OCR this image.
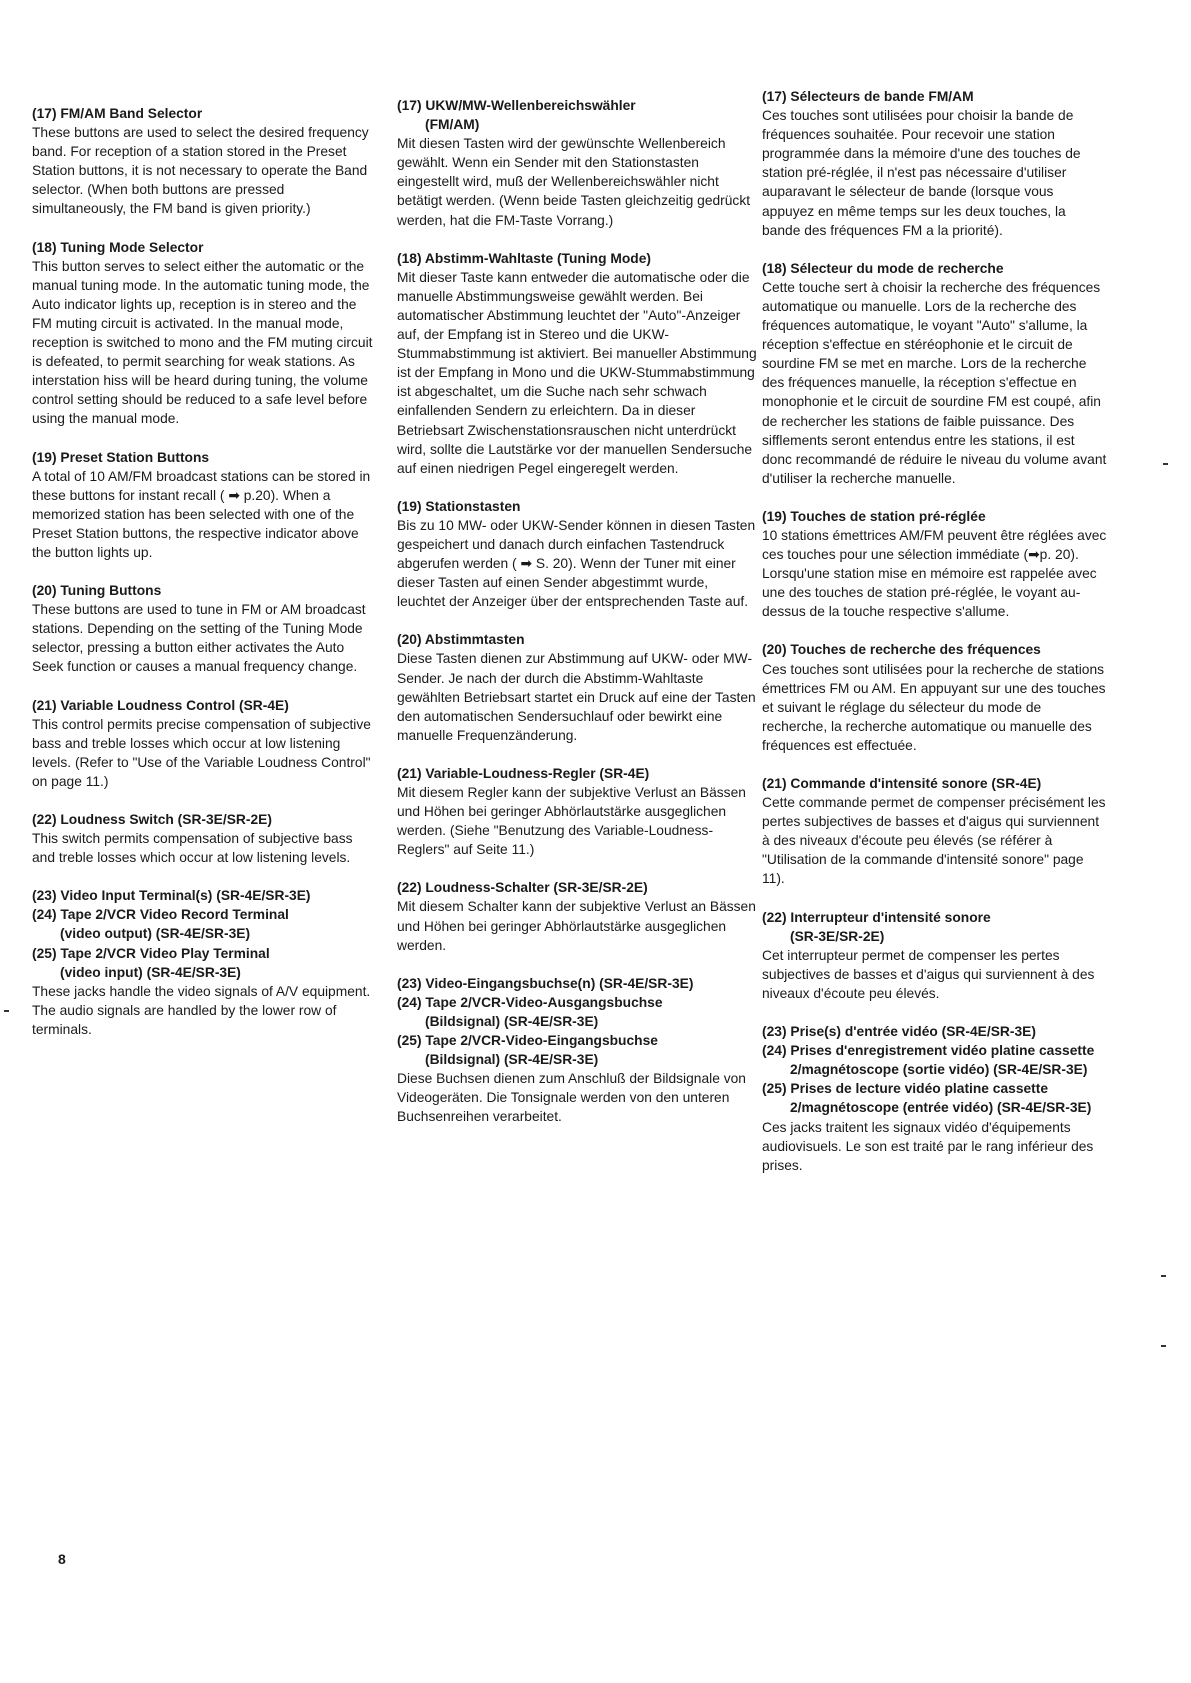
(17) FM/AM Band Selector

These buttons are used to select the desired frequency band. For reception of a station stored in the Preset Station buttons, it is not necessary to operate the Band selector. (When both buttons are pressed simultaneously, the FM band is given priority.)

(18) Tuning Mode Selector

This button serves to select either the automatic or the manual tuning mode. In the automatic tuning mode, the Auto indicator lights up, reception is in stereo and the FM muting circuit is activated. In the manual mode, reception is switched to mono and the FM muting circuit is defeated, to permit searching for weak stations. As interstation hiss will be heard during tuning, the volume control setting should be reduced to a safe level before using the manual mode.

(19) Preset Station Buttons

A total of 10 AM/FM broadcast stations can be stored in these buttons for instant recall ( ➡ p.20). When a memorized station has been selected with one of the Preset Station buttons, the respective indicator above the button lights up.

(20) Tuning Buttons

These buttons are used to tune in FM or AM broadcast stations. Depending on the setting of the Tuning Mode selector, pressing a button either activates the Auto Seek function or causes a manual frequency change.

(21) Variable Loudness Control (SR-4E)

This control permits precise compensation of subjective bass and treble losses which occur at low listening levels. (Refer to "Use of the Variable Loudness Control" on page 11.)

(22) Loudness Switch (SR-3E/SR-2E)

This switch permits compensation of subjective bass and treble losses which occur at low listening levels.

(23) Video Input Terminal(s) (SR-4E/SR-3E)

(24) Tape 2/VCR Video Record Terminal
(video output) (SR-4E/SR-3E)

(25) Tape 2/VCR Video Play Terminal
(video input) (SR-4E/SR-3E)

These jacks handle the video signals of A/V equipment. The audio signals are handled by the lower row of terminals.

(17) UKW/MW-Wellenbereichswähler
(FM/AM)

Mit diesen Tasten wird der gewünschte Wellenbereich gewählt. Wenn ein Sender mit den Stationstasten eingestellt wird, muß der Wellenbereichswähler nicht betätigt werden. (Wenn beide Tasten gleichzeitig gedrückt werden, hat die FM-Taste Vorrang.)

(18) Abstimm-Wahltaste (Tuning Mode)

Mit dieser Taste kann entweder die automatische oder die manuelle Abstimmungsweise gewählt werden. Bei automatischer Abstimmung leuchtet der "Auto"-Anzeiger auf, der Empfang ist in Stereo und die UKW-Stummabstimmung ist aktiviert. Bei manueller Abstimmung ist der Empfang in Mono und die UKW-Stummabstimmung ist abgeschaltet, um die Suche nach sehr schwach einfallenden Sendern zu erleichtern. Da in dieser Betriebsart Zwischenstationsrauschen nicht unterdrückt wird, sollte die Lautstärke vor der manuellen Sendersuche auf einen niedrigen Pegel eingeregelt werden.

(19) Stationstasten

Bis zu 10 MW- oder UKW-Sender können in diesen Tasten gespeichert und danach durch einfachen Tastendruck abgerufen werden ( ➡ S. 20). Wenn der Tuner mit einer dieser Tasten auf einen Sender abgestimmt wurde, leuchtet der Anzeiger über der entsprechenden Taste auf.

(20) Abstimmtasten

Diese Tasten dienen zur Abstimmung auf UKW- oder MW-Sender. Je nach der durch die Abstimm-Wahltaste gewählten Betriebsart startet ein Druck auf eine der Tasten den automatischen Sendersuchlauf oder bewirkt eine manuelle Frequenzänderung.

(21) Variable-Loudness-Regler (SR-4E)

Mit diesem Regler kann der subjektive Verlust an Bässen und Höhen bei geringer Abhörlautstärke ausgeglichen werden. (Siehe "Benutzung des Variable-Loudness-Reglers" auf Seite 11.)

(22) Loudness-Schalter (SR-3E/SR-2E)

Mit diesem Schalter kann der subjektive Verlust an Bässen und Höhen bei geringer Abhörlautstärke ausgeglichen werden.

(23) Video-Eingangsbuchse(n) (SR-4E/SR-3E)

(24) Tape 2/VCR-Video-Ausgangsbuchse
(Bildsignal) (SR-4E/SR-3E)

(25) Tape 2/VCR-Video-Eingangsbuchse
(Bildsignal) (SR-4E/SR-3E)

Diese Buchsen dienen zum Anschluß der Bildsignale von Videogeräten. Die Tonsignale werden von den unteren Buchsenreihen verarbeitet.

(17) Sélecteurs de bande FM/AM

Ces touches sont utilisées pour choisir la bande de fréquences souhaitée. Pour recevoir une station programmée dans la mémoire d'une des touches de station pré-réglée, il n'est pas nécessaire d'utiliser auparavant le sélecteur de bande (lorsque vous appuyez en même temps sur les deux touches, la bande des fréquences FM a la priorité).

(18) Sélecteur du mode de recherche

Cette touche sert à choisir la recherche des fréquences automatique ou manuelle. Lors de la recherche des fréquences automatique, le voyant "Auto" s'allume, la réception s'effectue en stéréophonie et le circuit de sourdine FM se met en marche. Lors de la recherche des fréquences manuelle, la réception s'effectue en monophonie et le circuit de sourdine FM est coupé, afin de rechercher les stations de faible puissance. Des sifflements seront entendus entre les stations, il est donc recommandé de réduire le niveau du volume avant d'utiliser la recherche manuelle.

(19) Touches de station pré-réglée

10 stations émettrices AM/FM peuvent être réglées avec ces touches pour une sélection immédiate (➡p. 20). Lorsqu'une station mise en mémoire est rappelée avec une des touches de station pré-réglée, le voyant au-dessus de la touche respective s'allume.

(20) Touches de recherche des fréquences

Ces touches sont utilisées pour la recherche de stations émettrices FM ou AM. En appuyant sur une des touches et suivant le réglage du sélecteur du mode de recherche, la recherche automatique ou manuelle des fréquences est effectuée.

(21) Commande d'intensité sonore (SR-4E)

Cette commande permet de compenser précisément les pertes subjectives de basses et d'aigus qui surviennent à des niveaux d'écoute peu élevés (se référer à "Utilisation de la commande d'intensité sonore" page 11).

(22) Interrupteur d'intensité sonore
(SR-3E/SR-2E)

Cet interrupteur permet de compenser les pertes subjectives de basses et d'aigus qui surviennent à des niveaux d'écoute peu élevés.

(23) Prise(s) d'entrée vidéo (SR-4E/SR-3E)

(24) Prises d'enregistrement vidéo platine cassette 2/magnétoscope (sortie vidéo) (SR-4E/SR-3E)

(25) Prises de lecture vidéo platine cassette 2/magnétoscope (entrée vidéo) (SR-4E/SR-3E)

Ces jacks traitent les signaux vidéo d'équipements audiovisuels. Le son est traité par le rang inférieur des prises.

8
